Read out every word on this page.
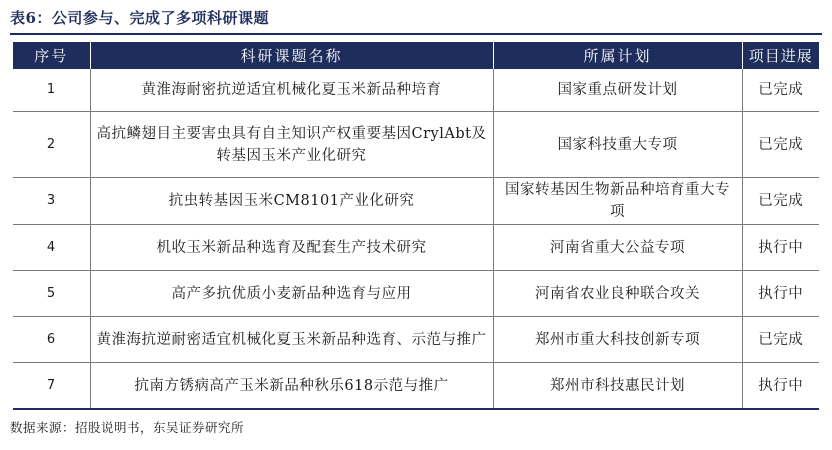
表6：公司参与、完成了多项科研课题
序号	科研课题名称	所属计划	项目进展
1	黄淮海耐密抗逆适宜机械化夏玉米新品种培育	国家重点研发计划	已完成
2	高抗鳞翅目主要害虫具有自主知识产权重要基因CrylAbt及转基因玉米产业化研究	国家科技重大专项	已完成
3	抗虫转基因玉米CM8101产业化研究	国家转基因生物新品种培育重大专项	已完成
4	机收玉米新品种选育及配套生产技术研究	河南省重大公益专项	执行中
5	高产多抗优质小麦新品种选育与应用	河南省农业良种联合攻关	执行中
6	黄淮海抗逆耐密适宜机械化夏玉米新品种选育、示范与推广	郑州市重大科技创新专项	已完成
7	抗南方锈病高产玉米新品种秋乐618示范与推广	郑州市科技惠民计划	执行中
数据来源：招股说明书，东吴证券研究所
